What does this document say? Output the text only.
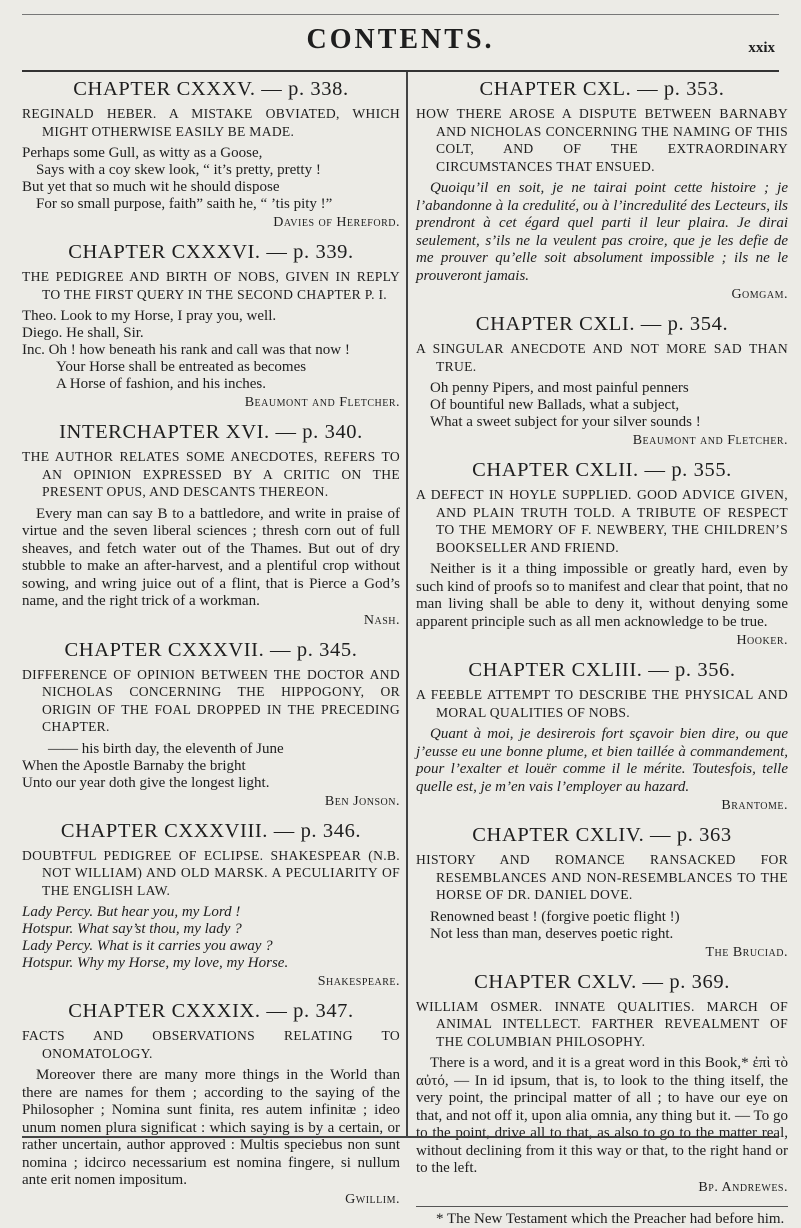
CONTENTS.	xxix
CHAPTER CXXXV. — p. 338.
REGINALD HEBER. A MISTAKE OBVIATED, WHICH MIGHT OTHERWISE EASILY BE MADE.
Perhaps some Gull, as witty as a Goose,
Says with a coy skew look, “ it’s pretty, pretty !
But yet that so much wit he should dispose
For so small purpose, faith” saith he, “ ’tis pity !”
Davies of Hereford.
CHAPTER CXXXVI. — p. 339.
THE PEDIGREE AND BIRTH OF NOBS, GIVEN IN REPLY TO THE FIRST QUERY IN THE SECOND CHAPTER P. I.
Theo. Look to my Horse, I pray you, well.
Diego. He shall, Sir.
Inc. Oh ! how beneath his rank and call was that now !
Your Horse shall be entreated as becomes
A Horse of fashion, and his inches.
Beaumont and Fletcher.
INTERCHAPTER XVI. — p. 340.
THE AUTHOR RELATES SOME ANECDOTES, REFERS TO AN OPINION EXPRESSED BY A CRITIC ON THE PRESENT OPUS, AND DESCANTS THEREON.
Every man can say B to a battledore, and write in praise of virtue and the seven liberal sciences ; thresh corn out of full sheaves, and fetch water out of the Thames. But out of dry stubble to make an after-harvest, and a plentiful crop without sowing, and wring juice out of a flint, that is Pierce a God’s name, and the right trick of a workman.
Nash.
CHAPTER CXXXVII. — p. 345.
DIFFERENCE OF OPINION BETWEEN THE DOCTOR AND NICHOLAS CONCERNING THE HIPPOGONY, OR ORIGIN OF THE FOAL DROPPED IN THE PRECEDING CHAPTER.
—— his birth day, the eleventh of June
When the Apostle Barnaby the bright
Unto our year doth give the longest light.
Ben Jonson.
CHAPTER CXXXVIII. — p. 346.
DOUBTFUL PEDIGREE OF ECLIPSE. SHAKESPEAR (N.B. NOT WILLIAM) AND OLD MARSK. A PECULIARITY OF THE ENGLISH LAW.
Lady Percy. But hear you, my Lord !
Hotspur. What say’st thou, my lady ?
Lady Percy. What is it carries you away ?
Hotspur. Why my Horse, my love, my Horse.
Shakespeare.
CHAPTER CXXXIX. — p. 347.
FACTS AND OBSERVATIONS RELATING TO ONOMATOLOGY.
Moreover there are many more things in the World than there are names for them ; according to the saying of the Philosopher ; Nomina sunt finita, res autem infinitæ ; ideo unum nomen plura significat : which saying is by a certain, or rather uncertain, author approved : Multis speciebus non sunt nomina ; idcirco necessarium est nomina fingere, si nullum ante erit nomen impositum.
Gwillim.
CHAPTER CXL. — p. 353.
HOW THERE AROSE A DISPUTE BETWEEN BARNABY AND NICHOLAS CONCERNING THE NAMING OF THIS COLT, AND OF THE EXTRAORDINARY CIRCUMSTANCES THAT ENSUED.
Quoiqu’il en soit, je ne tairai point cette histoire ; je l’abandonne à la credulité, ou à l’incredulité des Lecteurs, ils prendront à cet égard quel parti il leur plaira. Je dirai seulement, s’ils ne la veulent pas croire, que je les defie de me prouver qu’elle soit absolument impossible ; ils ne le prouveront jamais.
Gomgam.
CHAPTER CXLI. — p. 354.
A SINGULAR ANECDOTE AND NOT MORE SAD THAN TRUE.
Oh penny Pipers, and most painful penners
Of bountiful new Ballads, what a subject,
What a sweet subject for your silver sounds !
Beaumont and Fletcher.
CHAPTER CXLII. — p. 355.
A DEFECT IN HOYLE SUPPLIED. GOOD ADVICE GIVEN, AND PLAIN TRUTH TOLD. A TRIBUTE OF RESPECT TO THE MEMORY OF F. NEWBERY, THE CHILDREN’S BOOKSELLER AND FRIEND.
Neither is it a thing impossible or greatly hard, even by such kind of proofs so to manifest and clear that point, that no man living shall be able to deny it, without denying some apparent principle such as all men acknowledge to be true.
Hooker.
CHAPTER CXLIII. — p. 356.
A FEEBLE ATTEMPT TO DESCRIBE THE PHYSICAL AND MORAL QUALITIES OF NOBS.
Quant à moi, je desirerois fort sçavoir bien dire, ou que j’eusse eu une bonne plume, et bien taillée à commandement, pour l’exalter et louër comme il le mérite. Toutesfois, telle quelle est, je m’en vais l’employer au hazard.
Brantome.
CHAPTER CXLIV. — p. 363
HISTORY AND ROMANCE RANSACKED FOR RESEMBLANCES AND NON-RESEMBLANCES TO THE HORSE OF DR. DANIEL DOVE.
Renowned beast ! (forgive poetic flight !)
Not less than man, deserves poetic right.
The Bruciad.
CHAPTER CXLV. — p. 369.
WILLIAM OSMER. INNATE QUALITIES. MARCH OF ANIMAL INTELLECT. FARTHER REVEALMENT OF THE COLUMBIAN PHILOSOPHY.
There is a word, and it is a great word in this Book,* ἐπὶ τὸ αὐτό, — In id ipsum, that is, to look to the thing itself, the very point, the principal matter of all ; to have our eye on that, and not off it, upon alia omnia, any thing but it. — To go to the point, drive all to that, as also to go to the matter real, without declining from it this way or that, to the right hand or to the left.
Bp. Andrewes.
* The New Testament which the Preacher had before him.
